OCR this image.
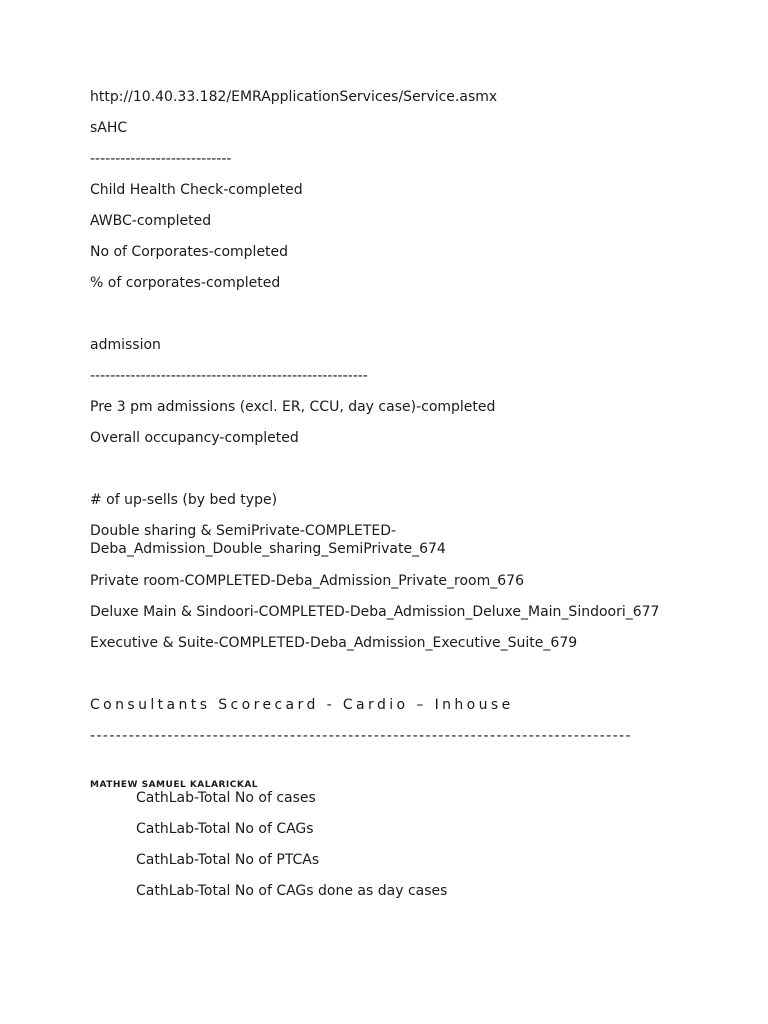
http://10.40.33.182/EMRApplicationServices/Service.asmx
sAHC
----------------------------
Child Health Check-completed
AWBC-completed
No of Corporates-completed
% of corporates-completed
admission
-------------------------------------------------------
Pre 3 pm admissions (excl. ER, CCU, day case)-completed
Overall occupancy-completed
# of up-sells (by bed type)
Double sharing & SemiPrivate-COMPLETED-Deba_Admission_Double_sharing_SemiPrivate_674
Private room-COMPLETED-Deba_Admission_Private_room_676
Deluxe Main & Sindoori-COMPLETED-Deba_Admission_Deluxe_Main_Sindoori_677
Executive & Suite-COMPLETED-Deba_Admission_Executive_Suite_679
Consultants Scorecard - Cardio – Inhouse
------------------------------------------------------------------------------------
MATHEW SAMUEL KALARICKAL
CathLab-Total No of cases
CathLab-Total No of CAGs
CathLab-Total No of PTCAs
CathLab-Total No of CAGs done as day cases
